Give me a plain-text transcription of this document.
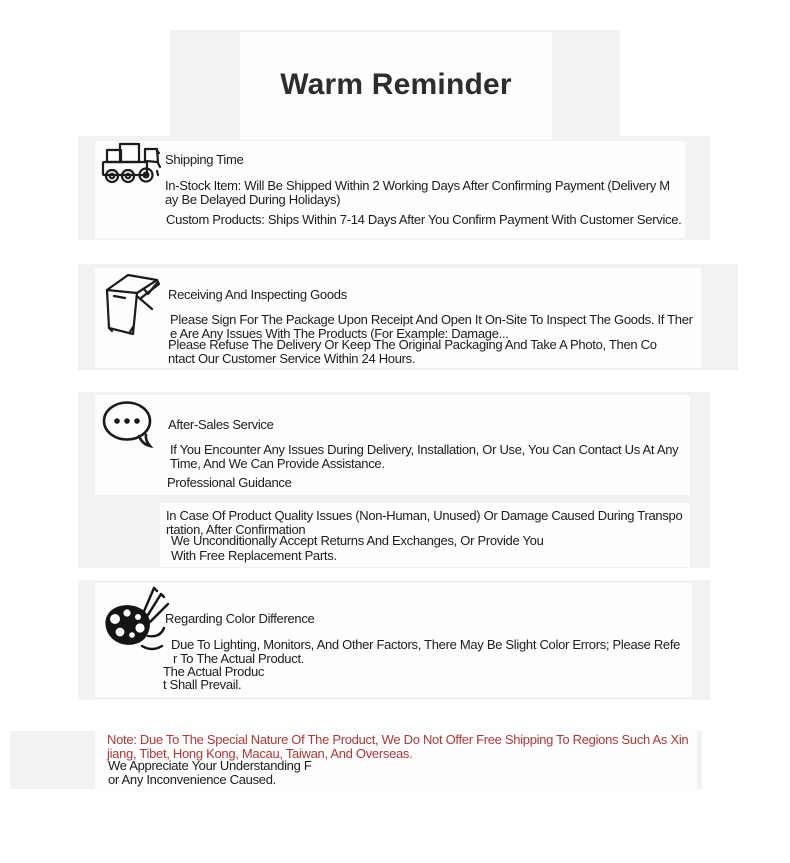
Warm Reminder
Shipping Time
In-Stock Item: Will Be Shipped Within 2 Working Days After Confirming Payment (Delivery M
ay Be Delayed During Holidays)
Custom Products: Ships Within 7-14 Days After You Confirm Payment With Customer Service.
Receiving And Inspecting Goods
Please Sign For The Package Upon Receipt And Open It On-Site To Inspect The Goods. If Ther
e Are Any Issues With The Products (For Example: Damage...
Please Refuse The Delivery Or Keep The Original Packaging And Take A Photo, Then Co
ntact Our Customer Service Within 24 Hours.
After-Sales Service
If You Encounter Any Issues During Delivery, Installation, Or Use, You Can Contact Us At Any
Time, And We Can Provide Assistance.
Professional Guidance
In Case Of Product Quality Issues (Non-Human, Unused) Or Damage Caused During Transpo
rtation, After Confirmation
We Unconditionally Accept Returns And Exchanges, Or Provide You
With Free Replacement Parts.
Regarding Color Difference
Due To Lighting, Monitors, And Other Factors, There May Be Slight Color Errors; Please Refe
r To The Actual Product.
The Actual Produc
t Shall Prevail.
Note: Due To The Special Nature Of The Product, We Do Not Offer Free Shipping To Regions Such As Xin
jiang, Tibet, Hong Kong, Macau, Taiwan, And Overseas.
We Appreciate Your Understanding F
or Any Inconvenience Caused.
